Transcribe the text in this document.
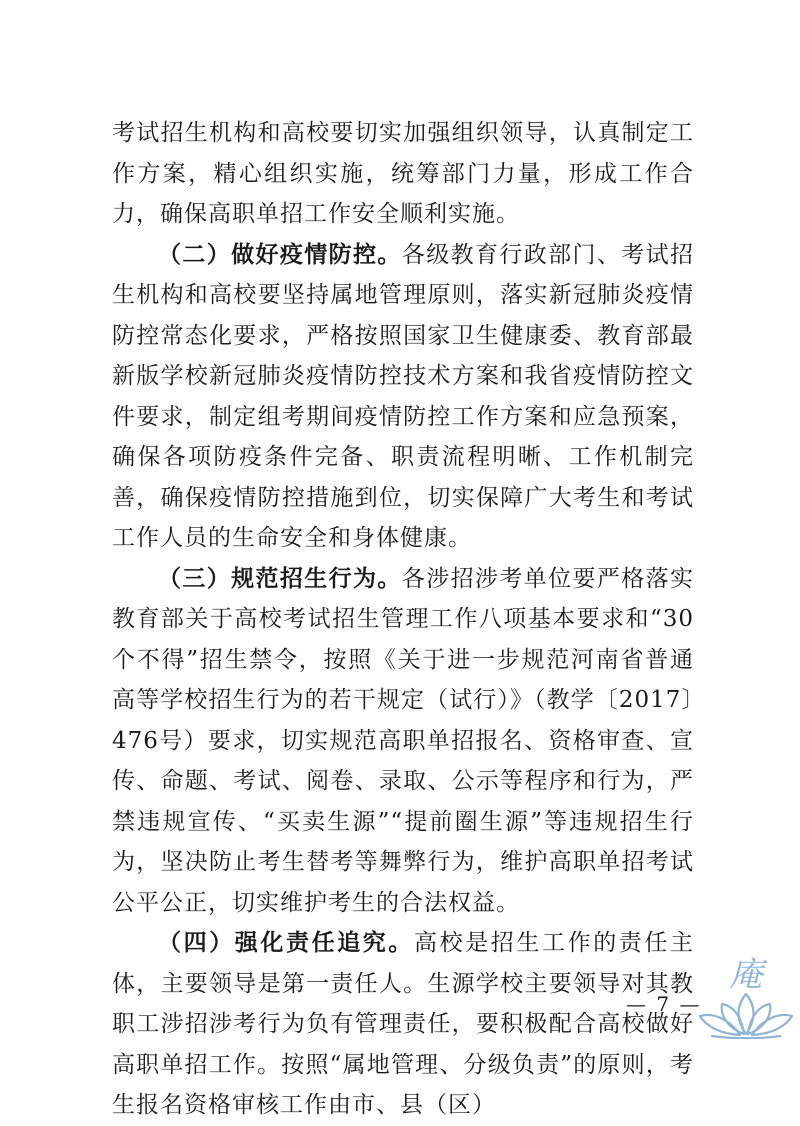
考试招生机构和高校要切实加强组织领导，认真制定工作方案，精心组织实施，统筹部门力量，形成工作合力，确保高职单招工作安全顺利实施。

（二）做好疫情防控。各级教育行政部门、考试招生机构和高校要坚持属地管理原则，落实新冠肺炎疫情防控常态化要求，严格按照国家卫生健康委、教育部最新版学校新冠肺炎疫情防控技术方案和我省疫情防控文件要求，制定组考期间疫情防控工作方案和应急预案，确保各项防疫条件完备、职责流程明晰、工作机制完善，确保疫情防控措施到位，切实保障广大考生和考试工作人员的生命安全和身体健康。

（三）规范招生行为。各涉招涉考单位要严格落实教育部关于高校考试招生管理工作八项基本要求和“30个不得”招生禁令，按照《关于进一步规范河南省普通高等学校招生行为的若干规定（试行）》（教学〔2017〕476号）要求，切实规范高职单招报名、资格审查、宣传、命题、考试、阅卷、录取、公示等程序和行为，严禁违规宣传、“买卖生源”“提前圈生源”等违规招生行为，坚决防止考生替考等舞弊行为，维护高职单招考试公平公正，切实维护考生的合法权益。

（四）强化责任追究。高校是招生工作的责任主体，主要领导是第一责任人。生源学校主要领导对其教职工涉招涉考行为负有管理责任，要积极配合高校做好高职单招工作。按照“属地管理、分级负责”的原则，考生报名资格审核工作由市、县（区）

— 7 —
庵
